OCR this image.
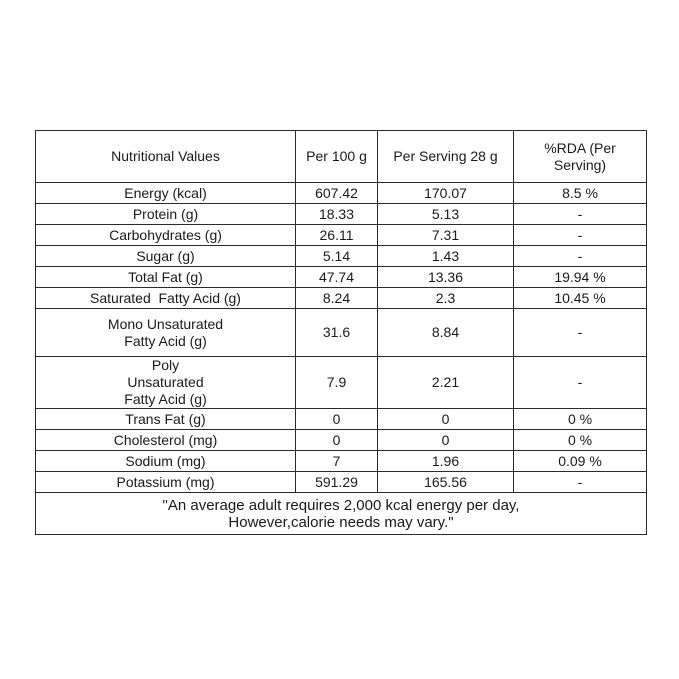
Nutritional Values	Per 100 g	Per Serving 28 g	%RDA (Per Serving)
Energy (kcal)	607.42	170.07	8.5 %
Protein (g)	18.33	5.13	-
Carbohydrates (g)	26.11	7.31	-
Sugar (g)	5.14	1.43	-
Total Fat (g)	47.74	13.36	19.94 %
Saturated  Fatty Acid (g)	8.24	2.3	10.45 %
Mono Unsaturated Fatty Acid (g)	31.6	8.84	-
Poly Unsaturated Fatty Acid (g)	7.9	2.21	-
Trans Fat (g)	0	0	0 %
Cholesterol (mg)	0	0	0 %
Sodium (mg)	7	1.96	0.09 %
Potassium (mg)	591.29	165.56	-

"An average adult requires 2,000 kcal energy per day,
However,calorie needs may vary."			
